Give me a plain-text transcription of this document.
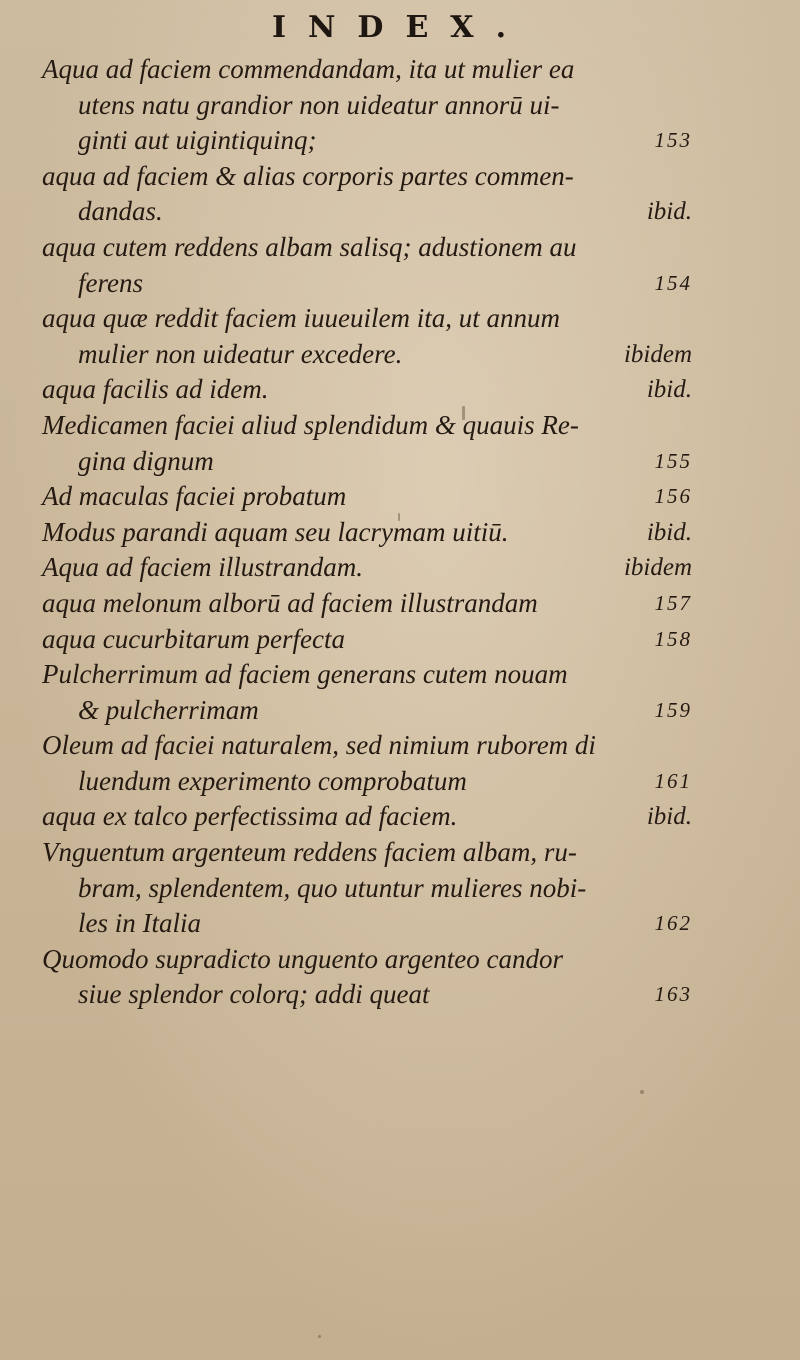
INDEX.
Aqua ad faciem commendandam, ita ut mulier ea
utens natu grandior non uideatur annorū ui-
ginti aut uigintiquinq;	153
aqua ad faciem & alias corporis partes commen-
dandas.	ibid.
aqua cutem reddens albam salisq; adustionem au
ferens	154
aqua quæ reddit faciem iuueuilem ita, ut annum
mulier non uideatur excedere.	ibidem
aqua facilis ad idem.	ibid.
Medicamen faciei aliud splendidum & quauis Re-
gina dignum	155
Ad maculas faciei probatum	156
Modus parandi aquam seu lacrymam uitiū.	ibid.
Aqua ad faciem illustrandam.	ibidem
aqua melonum alborū ad faciem illustrandam	157
aqua cucurbitarum perfecta	158
Pulcherrimum ad faciem generans cutem nouam
& pulcherrimam	159
Oleum ad faciei naturalem, sed nimium ruborem di
luendum experimento comprobatum	161
aqua ex talco perfectissima ad faciem.	ibid.
Vnguentum argenteum reddens faciem albam, ru-
bram, splendentem, quo utuntur mulieres nobi-
les in Italia	162
Quomodo supradicto unguento argenteo candor
siue splendor colorq; addi queat	163
